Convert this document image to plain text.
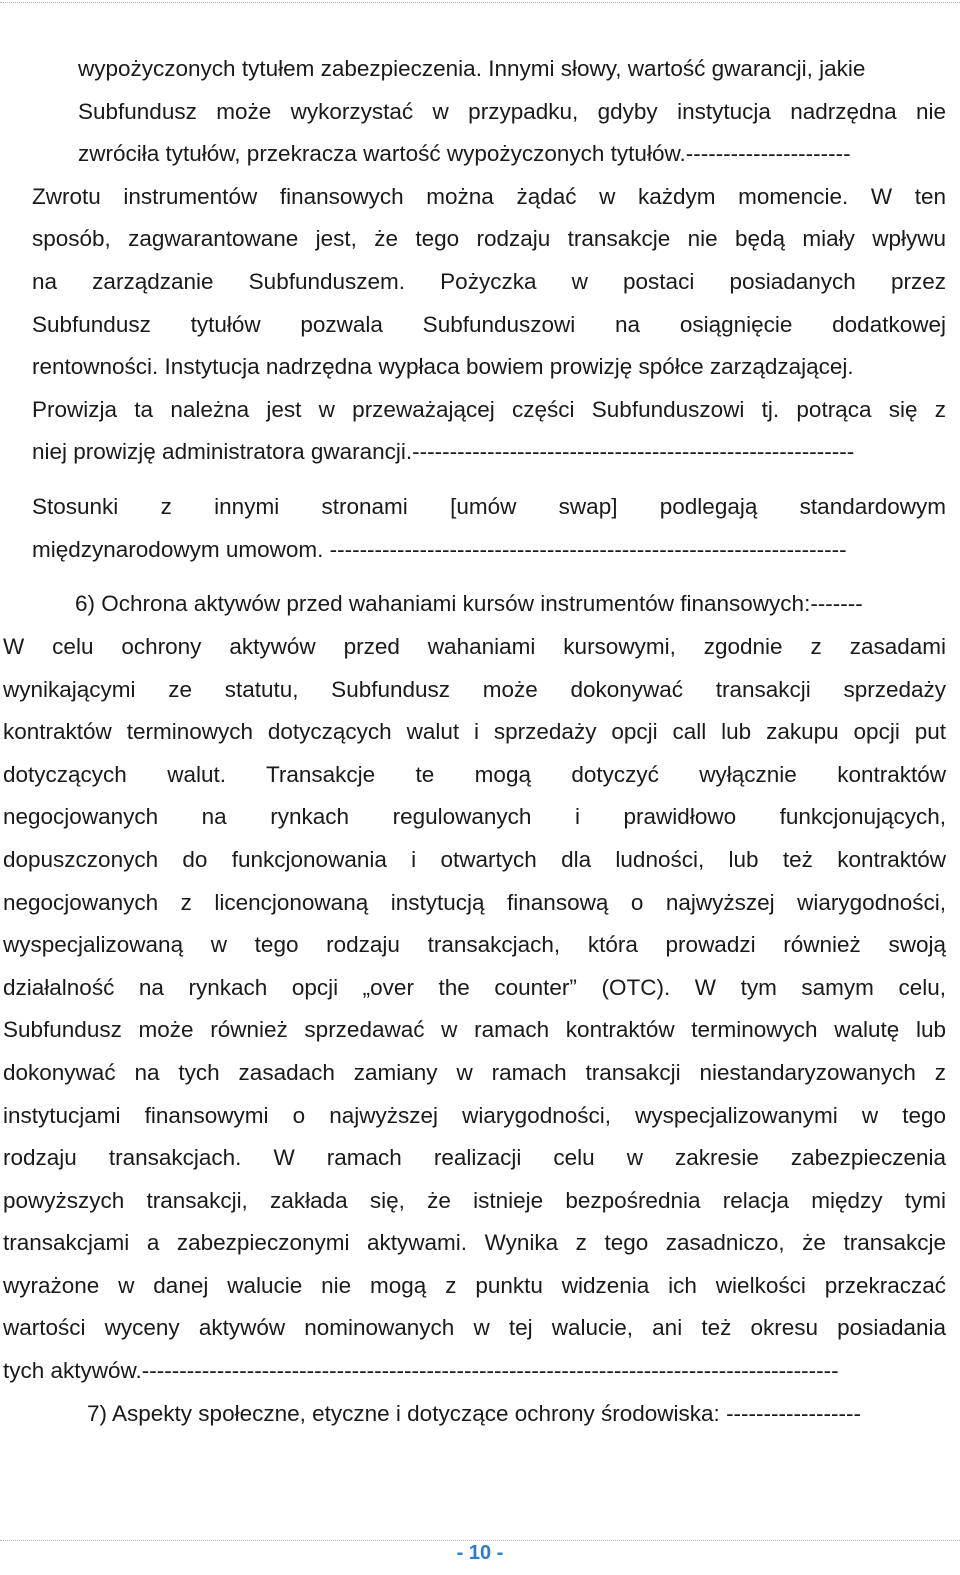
wypożyczonych tytułem zabezpieczenia. Innymi słowy, wartość gwarancji, jakie
Subfundusz może wykorzystać w przypadku, gdyby instytucja nadrzędna nie
zwróciła tytułów, przekracza wartość wypożyczonych tytułów.----------------------
Zwrotu instrumentów finansowych można żądać w każdym momencie. W ten
sposób, zagwarantowane jest, że tego rodzaju transakcje nie będą miały wpływu
na zarządzanie Subfunduszem. Pożyczka w postaci posiadanych przez
Subfundusz tytułów pozwala Subfunduszowi na osiągnięcie dodatkowej
rentowności. Instytucja nadrzędna wypłaca bowiem prowizję spółce zarządzającej.
Prowizja ta należna jest w przeważającej części Subfunduszowi tj. potrąca się z
niej prowizję administratora gwarancji.-----------------------------------------------------------
Stosunki z innymi stronami [umów swap] podlegają standardowym
międzynarodowym umowom. ---------------------------------------------------------------------
6) Ochrona aktywów przed wahaniami kursów instrumentów finansowych:-------
W celu ochrony aktywów przed wahaniami kursowymi, zgodnie z zasadami
wynikającymi ze statutu, Subfundusz może dokonywać transakcji sprzedaży
kontraktów terminowych dotyczących walut i sprzedaży opcji call lub zakupu opcji put
dotyczących walut. Transakcje te mogą dotyczyć wyłącznie kontraktów
negocjowanych na rynkach regulowanych i prawidłowo funkcjonujących,
dopuszczonych do funkcjonowania i otwartych dla ludności, lub też kontraktów
negocjowanych z licencjonowaną instytucją finansową o najwyższej wiarygodności,
wyspecjalizowaną w tego rodzaju transakcjach, która prowadzi również swoją
działalność na rynkach opcji „over the counter” (OTC). W tym samym celu,
Subfundusz może również sprzedawać w ramach kontraktów terminowych walutę lub
dokonywać na tych zasadach zamiany w ramach transakcji niestandaryzowanych z
instytucjami finansowymi o najwyższej wiarygodności, wyspecjalizowanymi w tego
rodzaju transakcjach. W ramach realizacji celu w zakresie zabezpieczenia
powyższych transakcji, zakłada się, że istnieje bezpośrednia relacja między tymi
transakcjami a zabezpieczonymi aktywami. Wynika z tego zasadniczo, że transakcje
wyrażone w danej walucie nie mogą z punktu widzenia ich wielkości przekraczać
wartości wyceny aktywów nominowanych w tej walucie, ani też okresu posiadania
tych aktywów.---------------------------------------------------------------------------------------------
7) Aspekty społeczne, etyczne i dotyczące ochrony środowiska: ------------------
- 10 -
